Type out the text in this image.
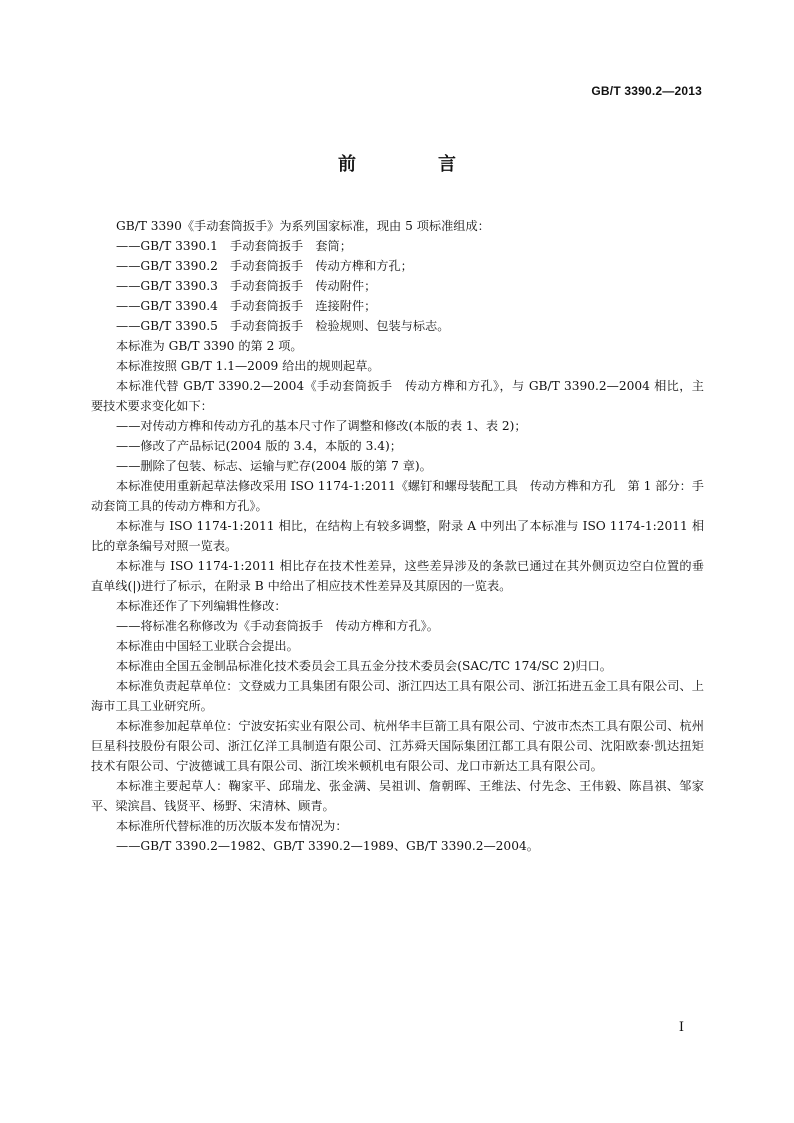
GB/T 3390.2—2013
前　言

GB/T 3390《手动套筒扳手》为系列国家标准，现由 5 项标准组成：

——GB/T 3390.1　手动套筒扳手　套筒；

——GB/T 3390.2　手动套筒扳手　传动方榫和方孔；

——GB/T 3390.3　手动套筒扳手　传动附件；

——GB/T 3390.4　手动套筒扳手　连接附件；

——GB/T 3390.5　手动套筒扳手　检验规则、包装与标志。

本标准为 GB/T 3390 的第 2 项。

本标准按照 GB/T 1.1—2009 给出的规则起草。

本标准代替 GB/T 3390.2—2004《手动套筒扳手　传动方榫和方孔》，与 GB/T 3390.2—2004 相比，主要技术要求变化如下：

——对传动方榫和传动方孔的基本尺寸作了调整和修改(本版的表 1、表 2)；

——修改了产品标记(2004 版的 3.4，本版的 3.4)；

——删除了包装、标志、运输与贮存(2004 版的第 7 章)。

本标准使用重新起草法修改采用 ISO 1174-1:2011《螺钉和螺母装配工具　传动方榫和方孔　第 1 部分：手动套筒工具的传动方榫和方孔》。

本标准与 ISO 1174-1:2011 相比，在结构上有较多调整，附录 A 中列出了本标准与 ISO 1174-1:2011 相比的章条编号对照一览表。

本标准与 ISO 1174-1:2011 相比存在技术性差异，这些差异涉及的条款已通过在其外侧页边空白位置的垂直单线(|)进行了标示，在附录 B 中给出了相应技术性差异及其原因的一览表。

本标准还作了下列编辑性修改：

——将标准名称修改为《手动套筒扳手　传动方榫和方孔》。

本标准由中国轻工业联合会提出。

本标准由全国五金制品标准化技术委员会工具五金分技术委员会(SAC/TC 174/SC 2)归口。

本标准负责起草单位：文登威力工具集团有限公司、浙江四达工具有限公司、浙江拓进五金工具有限公司、上海市工具工业研究所。

本标准参加起草单位：宁波安拓实业有限公司、杭州华丰巨箭工具有限公司、宁波市杰杰工具有限公司、杭州巨星科技股份有限公司、浙江亿洋工具制造有限公司、江苏舜天国际集团江都工具有限公司、沈阳欧泰·凯达扭矩技术有限公司、宁波德诚工具有限公司、浙江埃米顿机电有限公司、龙口市新达工具有限公司。

本标准主要起草人：鞠家平、邱瑞龙、张金满、吴祖训、詹朝晖、王维法、付先念、王伟毅、陈昌祺、邹家平、梁滨昌、钱贤平、杨野、宋清林、顾青。

本标准所代替标准的历次版本发布情况为：

——GB/T 3390.2—1982、GB/T 3390.2—1989、GB/T 3390.2—2004。

I
